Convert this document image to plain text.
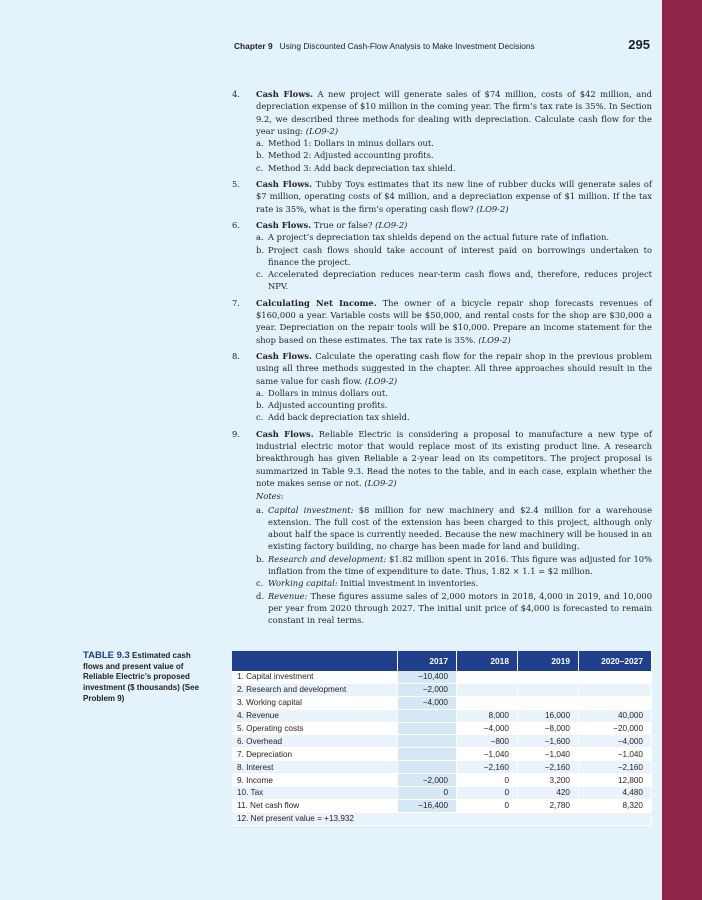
Chapter 9 Using Discounted Cash-Flow Analysis to Make Investment Decisions	295
4. Cash Flows. A new project will generate sales of $74 million, costs of $42 million, and depreciation expense of $10 million in the coming year. The firm’s tax rate is 35%. In Section 9.2, we described three methods for dealing with depreciation. Calculate cash flow for the year using: (LO9-2)
a. Method 1: Dollars in minus dollars out.
b. Method 2: Adjusted accounting profits.
c. Method 3: Add back depreciation tax shield.
5. Cash Flows. Tubby Toys estimates that its new line of rubber ducks will generate sales of $7 million, operating costs of $4 million, and a depreciation expense of $1 million. If the tax rate is 35%, what is the firm’s operating cash flow? (LO9-2)
6. Cash Flows. True or false? (LO9-2)
a. A project’s depreciation tax shields depend on the actual future rate of inflation.
b. Project cash flows should take account of interest paid on borrowings undertaken to finance the project.
c. Accelerated depreciation reduces near-term cash flows and, therefore, reduces project NPV.
7. Calculating Net Income. The owner of a bicycle repair shop forecasts revenues of $160,000 a year. Variable costs will be $50,000, and rental costs for the shop are $30,000 a year. Depreciation on the repair tools will be $10,000. Prepare an income statement for the shop based on these estimates. The tax rate is 35%. (LO9-2)
8. Cash Flows. Calculate the operating cash flow for the repair shop in the previous problem using all three methods suggested in the chapter. All three approaches should result in the same value for cash flow. (LO9-2)
a. Dollars in minus dollars out.
b. Adjusted accounting profits.
c. Add back depreciation tax shield.
9. Cash Flows. Reliable Electric is considering a proposal to manufacture a new type of industrial electric motor that would replace most of its existing product line. A research breakthrough has given Reliable a 2-year lead on its competitors. The project proposal is summarized in Table 9.3. Read the notes to the table, and in each case, explain whether the note makes sense or not. (LO9-2)
Notes:
a. Capital investment: $8 million for new machinery and $2.4 million for a warehouse extension. The full cost of the extension has been charged to this project, although only about half the space is currently needed. Because the new machinery will be housed in an existing factory building, no charge has been made for land and building.
b. Research and development: $1.82 million spent in 2016. This figure was adjusted for 10% inflation from the time of expenditure to date. Thus, 1.82 × 1.1 = $2 million.
c. Working capital: Initial investment in inventories.
d. Revenue: These figures assume sales of 2,000 motors in 2018, 4,000 in 2019, and 10,000 per year from 2020 through 2027. The initial unit price of $4,000 is forecasted to remain constant in real terms.
TABLE 9.3 Estimated cash flows and present value of Reliable Electric’s proposed investment ($ thousands) (See Problem 9)
	2017	2018	2019	2020–2027
1. Capital investment	−10,400			
2. Research and development	−2,000			
3. Working capital	−4,000			
4. Revenue		8,000	16,000	40,000
5. Operating costs		−4,000	−8,000	−20,000
6. Overhead		−800	−1,600	−4,000
7. Depreciation		−1,040	−1,040	−1,040
8. Interest		−2,160	−2,160	−2,160
9. Income	−2,000	0	3,200	12,800
10. Tax	0	0	420	4,480
11. Net cash flow	−16,400	0	2,780	8,320
12. Net present value = +13,932				
